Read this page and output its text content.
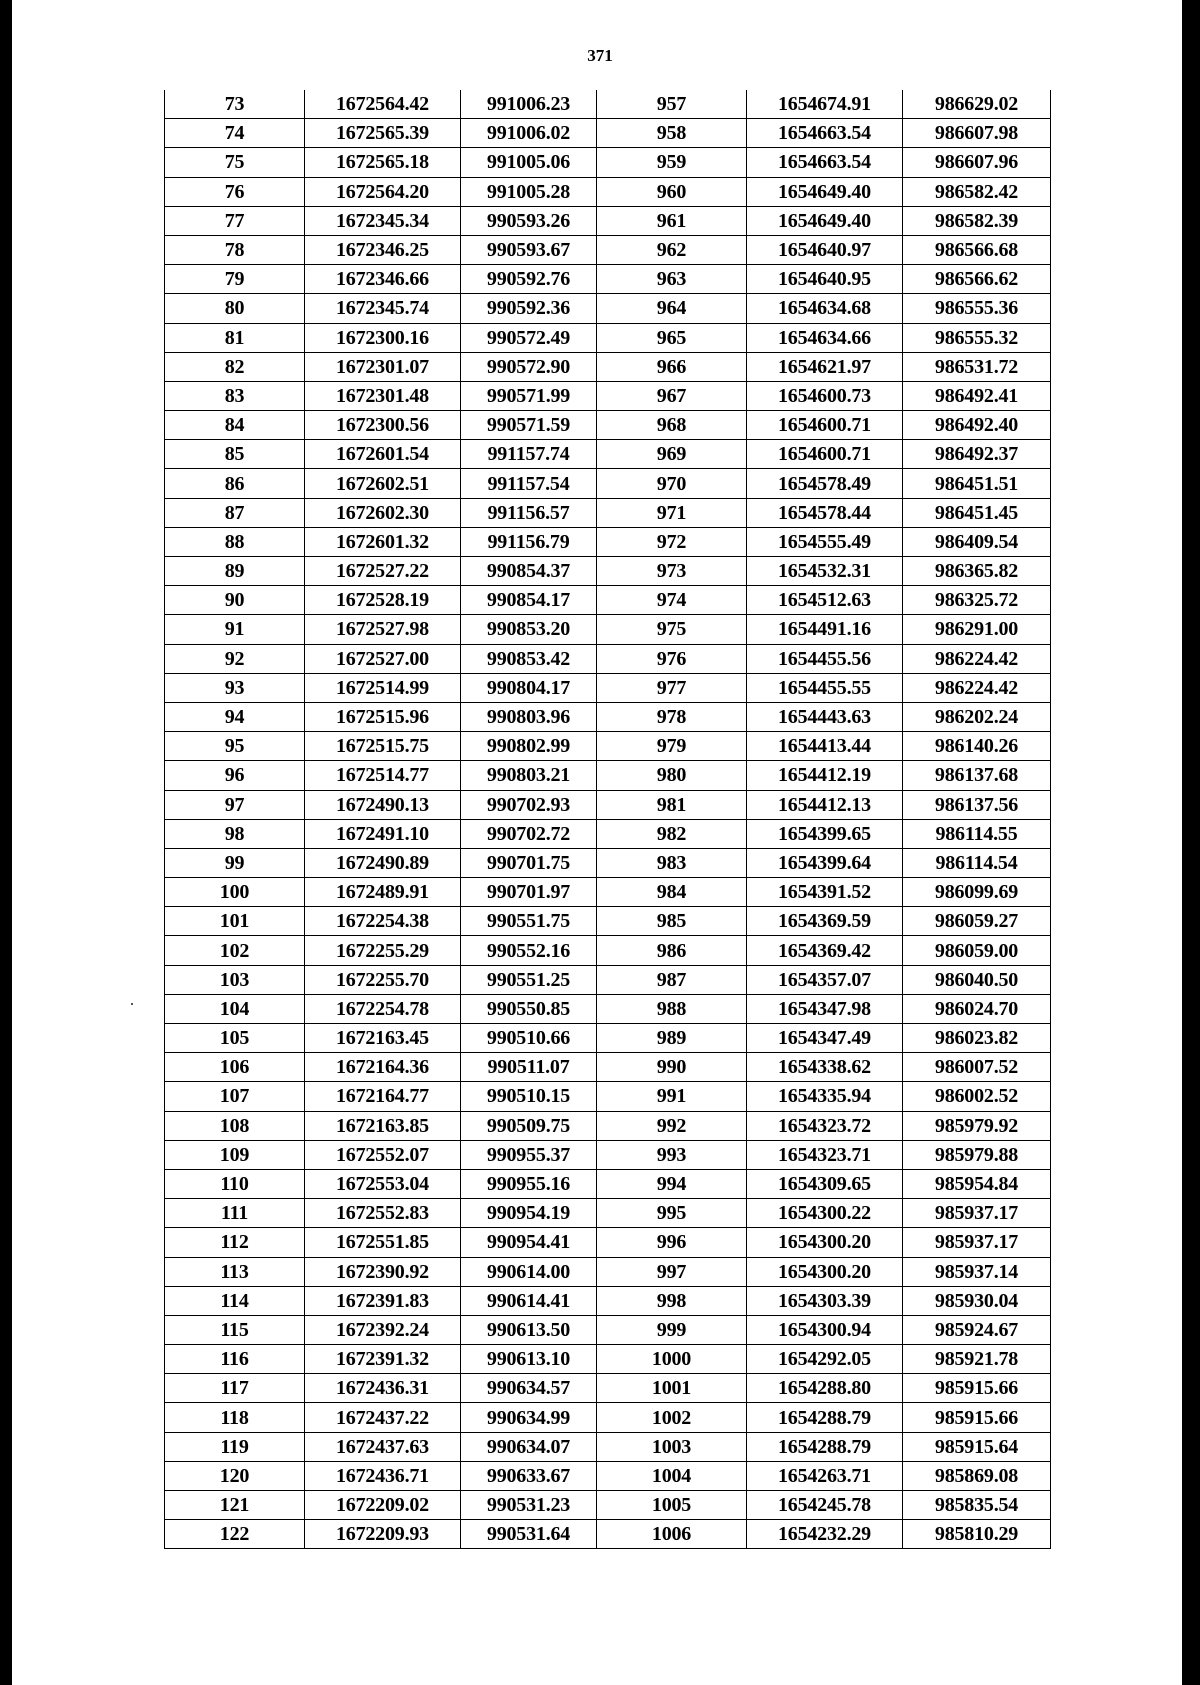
371
73	1672564.42	991006.23	957	1654674.91	986629.02
74	1672565.39	991006.02	958	1654663.54	986607.98
75	1672565.18	991005.06	959	1654663.54	986607.96
76	1672564.20	991005.28	960	1654649.40	986582.42
77	1672345.34	990593.26	961	1654649.40	986582.39
78	1672346.25	990593.67	962	1654640.97	986566.68
79	1672346.66	990592.76	963	1654640.95	986566.62
80	1672345.74	990592.36	964	1654634.68	986555.36
81	1672300.16	990572.49	965	1654634.66	986555.32
82	1672301.07	990572.90	966	1654621.97	986531.72
83	1672301.48	990571.99	967	1654600.73	986492.41
84	1672300.56	990571.59	968	1654600.71	986492.40
85	1672601.54	991157.74	969	1654600.71	986492.37
86	1672602.51	991157.54	970	1654578.49	986451.51
87	1672602.30	991156.57	971	1654578.44	986451.45
88	1672601.32	991156.79	972	1654555.49	986409.54
89	1672527.22	990854.37	973	1654532.31	986365.82
90	1672528.19	990854.17	974	1654512.63	986325.72
91	1672527.98	990853.20	975	1654491.16	986291.00
92	1672527.00	990853.42	976	1654455.56	986224.42
93	1672514.99	990804.17	977	1654455.55	986224.42
94	1672515.96	990803.96	978	1654443.63	986202.24
95	1672515.75	990802.99	979	1654413.44	986140.26
96	1672514.77	990803.21	980	1654412.19	986137.68
97	1672490.13	990702.93	981	1654412.13	986137.56
98	1672491.10	990702.72	982	1654399.65	986114.55
99	1672490.89	990701.75	983	1654399.64	986114.54
100	1672489.91	990701.97	984	1654391.52	986099.69
101	1672254.38	990551.75	985	1654369.59	986059.27
102	1672255.29	990552.16	986	1654369.42	986059.00
103	1672255.70	990551.25	987	1654357.07	986040.50
104	1672254.78	990550.85	988	1654347.98	986024.70
105	1672163.45	990510.66	989	1654347.49	986023.82
106	1672164.36	990511.07	990	1654338.62	986007.52
107	1672164.77	990510.15	991	1654335.94	986002.52
108	1672163.85	990509.75	992	1654323.72	985979.92
109	1672552.07	990955.37	993	1654323.71	985979.88
110	1672553.04	990955.16	994	1654309.65	985954.84
111	1672552.83	990954.19	995	1654300.22	985937.17
112	1672551.85	990954.41	996	1654300.20	985937.17
113	1672390.92	990614.00	997	1654300.20	985937.14
114	1672391.83	990614.41	998	1654303.39	985930.04
115	1672392.24	990613.50	999	1654300.94	985924.67
116	1672391.32	990613.10	1000	1654292.05	985921.78
117	1672436.31	990634.57	1001	1654288.80	985915.66
118	1672437.22	990634.99	1002	1654288.79	985915.66
119	1672437.63	990634.07	1003	1654288.79	985915.64
120	1672436.71	990633.67	1004	1654263.71	985869.08
121	1672209.02	990531.23	1005	1654245.78	985835.54
122	1672209.93	990531.64	1006	1654232.29	985810.29
